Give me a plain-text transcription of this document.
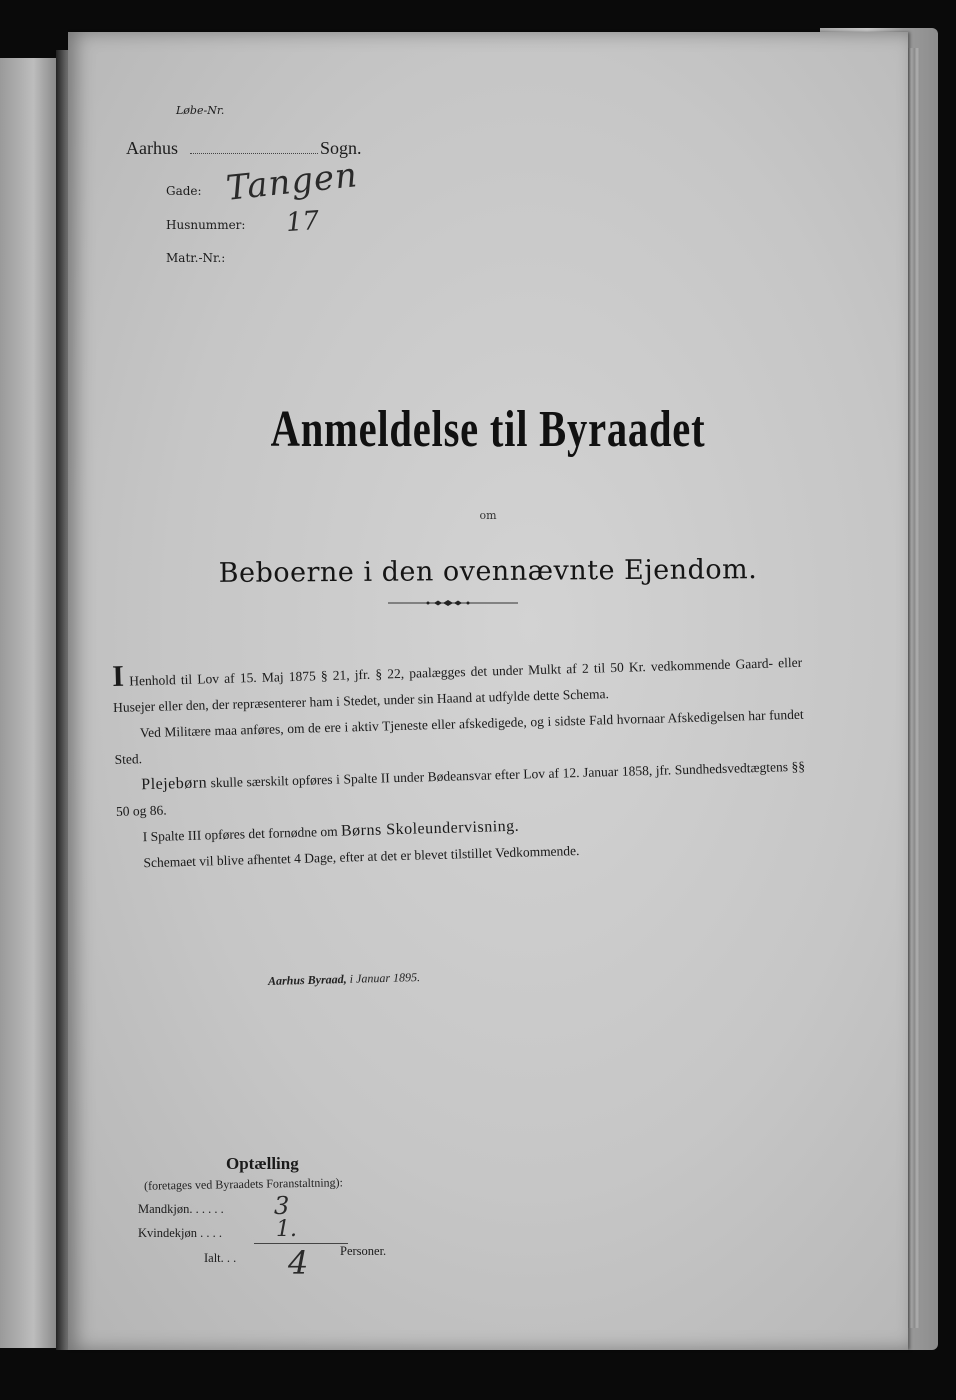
Løbe-Nr.
Aarhus	Sogn.
Gade: Tangen
Husnummer: 17
Matr.-Nr.:
Anmeldelse til Byraadet
om
Beboerne i den ovennævnte Ejendom.

I Henhold til Lov af 15. Maj 1875 § 21, jfr. § 22, paalægges det under Mulkt af 2 til 50 Kr. vedkommende Gaard- eller Husejer eller den, der repræsenterer ham i Stedet, under sin Haand at udfylde dette Schema.

Ved Militære maa anføres, om de ere i aktiv Tjeneste eller afskedigede, og i sidste Fald hvornaar Afskedigelsen har fundet Sted.

Plejebørn skulle særskilt opføres i Spalte II under Bødeansvar efter Lov af 12. Januar 1858, jfr. Sundhedsvedtægtens §§ 50 og 86.

I Spalte III opføres det fornødne om Børns Skoleundervisning.

Schemaet vil blive afhentet 4 Dage, efter at det er blevet tilstillet Vedkommende.

Aarhus Byraad, i Januar 1895.
Optælling
(foretages ved Byraadets Foranstaltning):
Mandkjøn. . . . . . 3
Kvindekjøn . . . . 1.
Ialt. . . 4	Personer.
